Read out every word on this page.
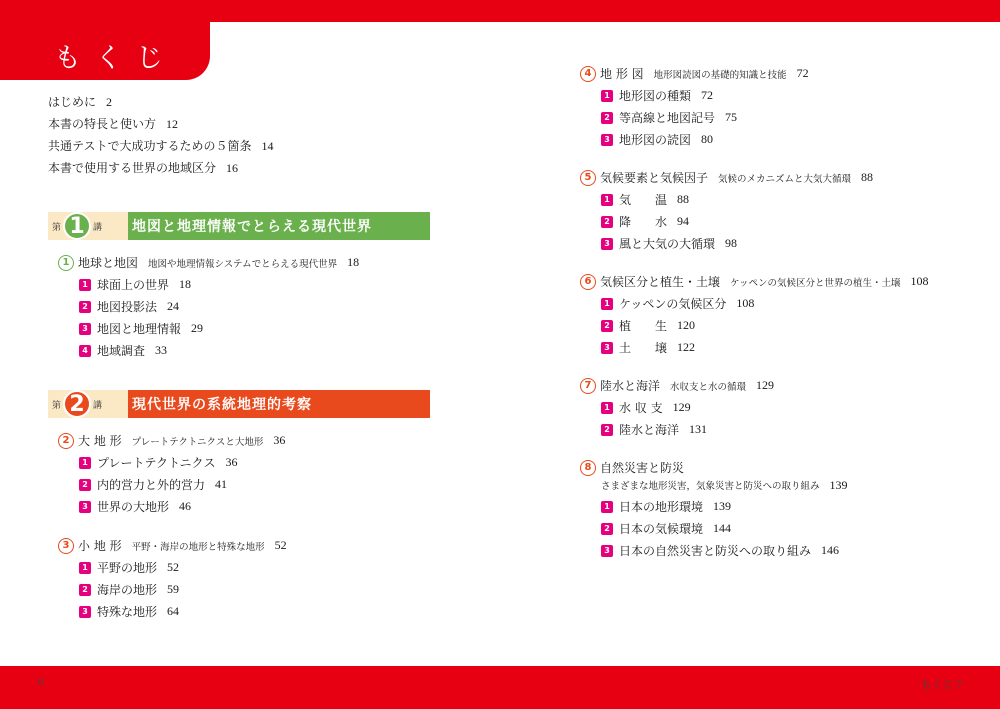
もくじ
はじめに 2
本書の特長と使い方 12
共通テストで大成功するための５箇条 14
本書で使用する世界の地域区分 16
第 1 講 地図と地理情報でとらえる現代世界
1 地球と地図 地図や地理情報システムでとらえる現代世界 18
1 球面上の世界 18
2 地図投影法 24
3 地図と地理情報 29
4 地域調査 33
第 2 講 現代世界の系統地理的考察
2 大 地 形 プレートテクトニクスと大地形 36
1 プレートテクトニクス 36
2 内的営力と外的営力 41
3 世界の大地形 46
3 小 地 形 平野・海岸の地形と特殊な地形 52
1 平野の地形 52
2 海岸の地形 59
3 特殊な地形 64
4 地 形 図 地形図読図の基礎的知識と技能 72
1 地形図の種類 72
2 等高線と地図記号 75
3 地形図の読図 80
5 気候要素と気候因子 気候のメカニズムと大気大循環 88
1 気　　温 88
2 降　　水 94
3 風と大気の大循環 98
6 気候区分と植生・土壌 ケッペンの気候区分と世界の植生・土壌 108
1 ケッペンの気候区分 108
2 植　　生 120
3 土　　壌 122
7 陸水と海洋 水収支と水の循環 129
1 水 収 支 129
2 陸水と海洋 131
8 自然災害と防災
さまざまな地形災害，気象災害と防災への取り組み 139
1 日本の地形環境 139
2 日本の気候環境 144
3 日本の自然災害と防災への取り組み 146
6	もくじ 7
